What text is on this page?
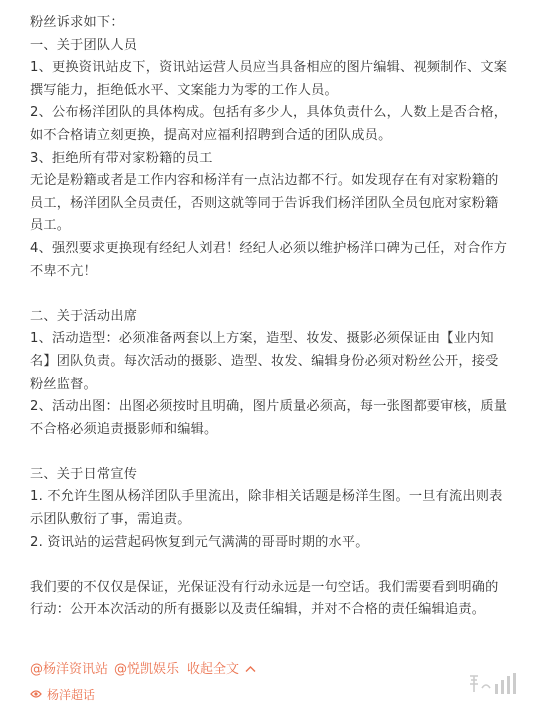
粉丝诉求如下：

一、关于团队人员

1、更换资讯站皮下，资讯站运营人员应当具备相应的图片编辑、视频制作、文案

撰写能力，拒绝低水平、文案能力为零的工作人员。

2、公布杨洋团队的具体构成。包括有多少人，具体负责什么，人数上是否合格，

如不合格请立刻更换，提高对应福利招聘到合适的团队成员。

3、拒绝所有带对家粉籍的员工

无论是粉籍或者是工作内容和杨洋有一点沾边都不行。如发现存在有对家粉籍的

员工，杨洋团队全员责任，否则这就等同于告诉我们杨洋团队全员包庇对家粉籍

员工。

4、强烈要求更换现有经纪人刘君！经纪人必须以维护杨洋口碑为己任，对合作方

不卑不亢！

二、关于活动出席

1、活动造型：必须准备两套以上方案，造型、妆发、摄影必须保证由【业内知

名】团队负责。每次活动的摄影、造型、妆发、编辑身份必须对粉丝公开，接受

粉丝监督。

2、活动出图：出图必须按时且明确，图片质量必须高，每一张图都要审核，质量

不合格必须追责摄影师和编辑。

三、关于日常宣传

1. 不允许生图从杨洋团队手里流出，除非相关话题是杨洋生图。一旦有流出则表

示团队敷衍了事，需追责。

2. 资讯站的运营起码恢复到元气满满的哥哥时期的水平。

我们要的不仅仅是保证，光保证没有行动永远是一句空话。我们需要看到明确的

行动：公开本次活动的所有摄影以及责任编辑，并对不合格的责任编辑追责。

@杨洋资讯站 @悦凯娱乐 收起全文
杨洋超话
